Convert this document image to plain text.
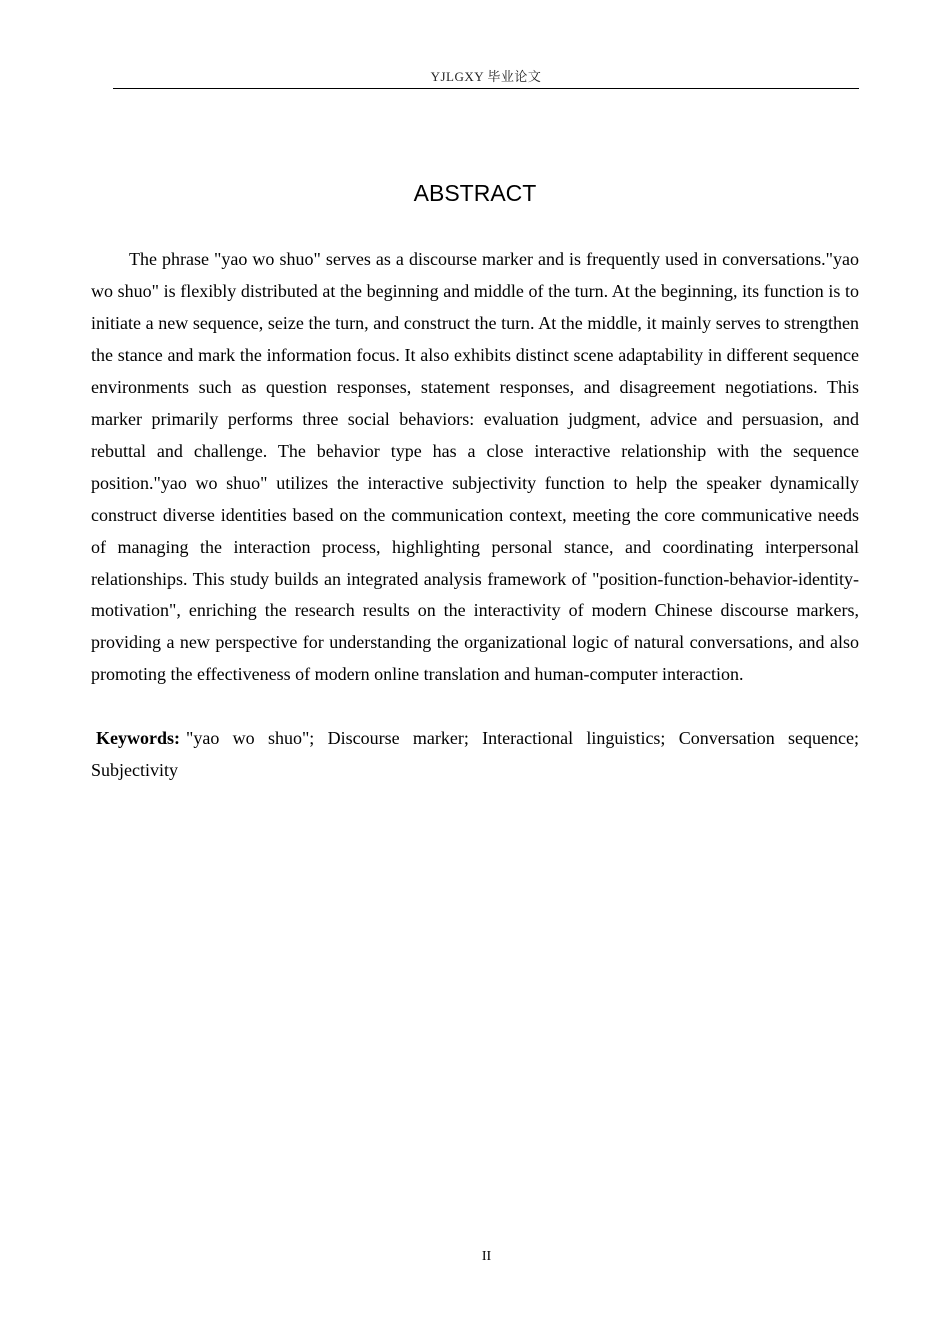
YJLGXY 毕业论文
ABSTRACT

The phrase "yao wo shuo" serves as a discourse marker and is frequently used in conversations."yao wo shuo" is flexibly distributed at the beginning and middle of the turn. At the beginning, its function is to initiate a new sequence, seize the turn, and construct the turn. At the middle, it mainly serves to strengthen the stance and mark the information focus. It also exhibits distinct scene adaptability in different sequence environments such as question responses, statement responses, and disagreement negotiations. This marker primarily performs three social behaviors: evaluation judgment, advice and persuasion, and rebuttal and challenge. The behavior type has a close interactive relationship with the sequence position."yao wo shuo" utilizes the interactive subjectivity function to help the speaker dynamically construct diverse identities based on the communication context, meeting the core communicative needs of managing the interaction process, highlighting personal stance, and coordinating interpersonal relationships. This study builds an integrated analysis framework of "position-function-behavior-identity-motivation", enriching the research results on the interactivity of modern Chinese discourse markers, providing a new perspective for understanding the organizational logic of natural conversations, and also promoting the effectiveness of modern online translation and human-computer interaction.

Keywords: "yao wo shuo"; Discourse marker; Interactional linguistics; Conversation sequence; Subjectivity

II
